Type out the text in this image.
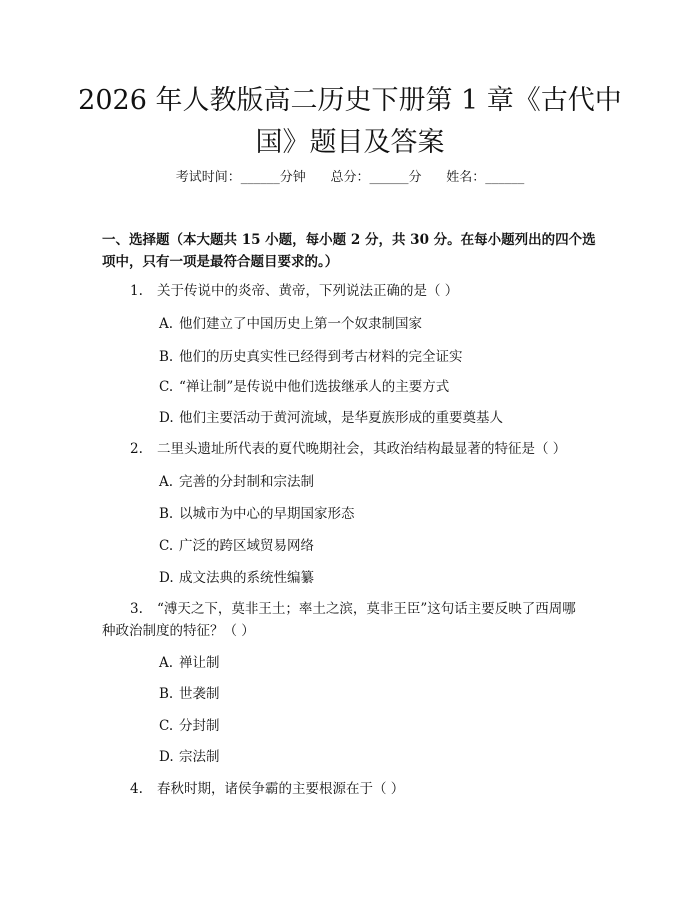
2026 年人教版高二历史下册第 1 章《古代中
国》题目及答案
考试时间：______分钟      总分：______分      姓名：______
一、选择题（本大题共 15 小题，每小题 2 分，共 30 分。在每小题列出的四个选
项中，只有一项是最符合题目要求的。）
1. 关于传说中的炎帝、黄帝，下列说法正确的是（ ）
A. 他们建立了中国历史上第一个奴隶制国家
B. 他们的历史真实性已经得到考古材料的完全证实
C. “禅让制”是传说中他们选拔继承人的主要方式
D. 他们主要活动于黄河流域，是华夏族形成的重要奠基人
2. 二里头遗址所代表的夏代晚期社会，其政治结构最显著的特征是（ ）
A. 完善的分封制和宗法制
B. 以城市为中心的早期国家形态
C. 广泛的跨区域贸易网络
D. 成文法典的系统性编纂
3. “溥天之下，莫非王土；率土之滨，莫非王臣”这句话主要反映了西周哪
种政治制度的特征？（ ）
A. 禅让制
B. 世袭制
C. 分封制
D. 宗法制
4. 春秋时期，诸侯争霸的主要根源在于（ ）
